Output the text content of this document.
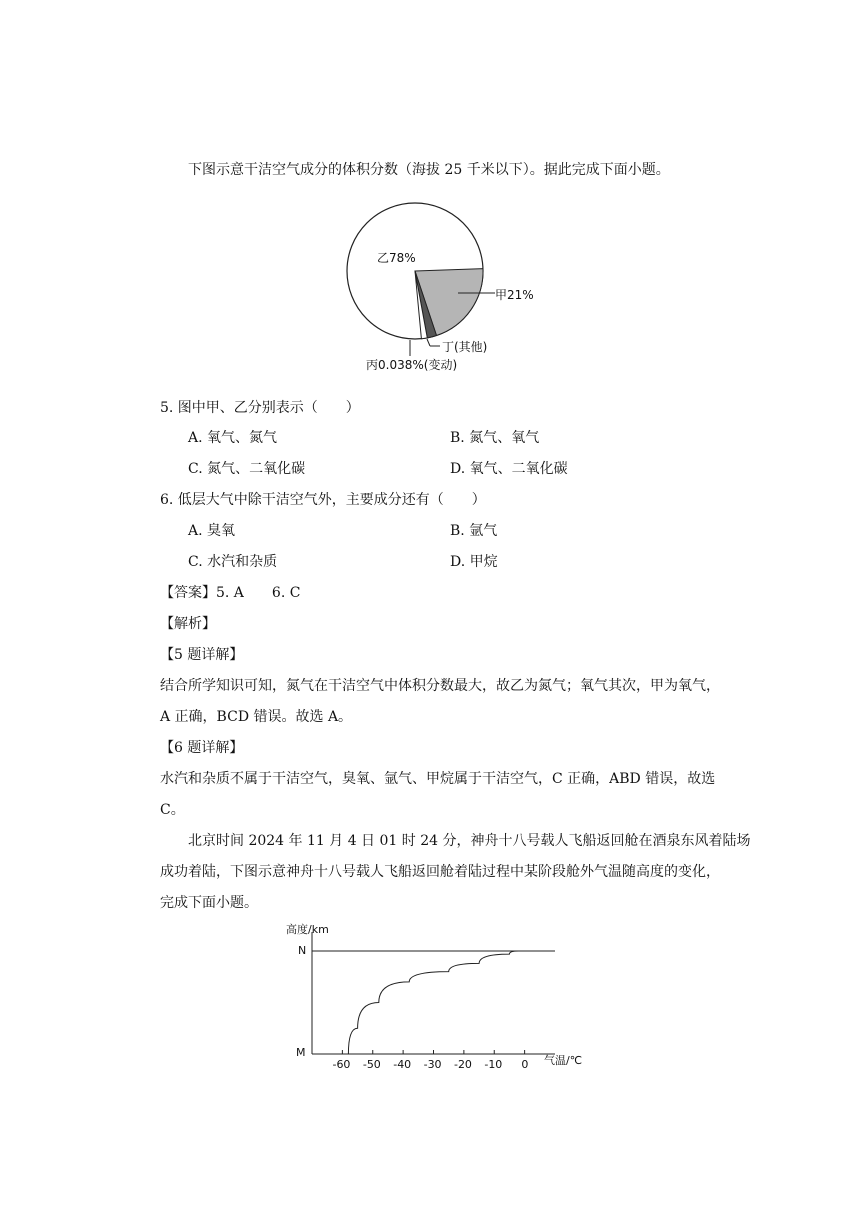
下图示意干洁空气成分的体积分数（海拔 25 千米以下）。据此完成下面小题。
乙78%
甲21%
丁(其他)
丙0.038%(变动)
5. 图中甲、乙分别表示（　　）
A. 氧气、氮气	B. 氮气、氧气
C. 氮气、二氧化碳	D. 氧气、二氧化碳
6. 低层大气中除干洁空气外，主要成分还有（　　）
A. 臭氧	B. 氩气
C. 水汽和杂质	D. 甲烷
【答案】5. A　　6. C
【解析】
【5 题详解】
结合所学知识可知，氮气在干洁空气中体积分数最大，故乙为氮气；氧气其次，甲为氧气，
A 正确，BCD 错误。故选 A。
【6 题详解】
水汽和杂质不属于干洁空气，臭氧、氩气、甲烷属于干洁空气，C 正确，ABD 错误，故选
C。
北京时间 2024 年 11 月 4 日 01 时 24 分，神舟十八号载人飞船返回舱在酒泉东风着陆场
成功着陆，下图示意神舟十八号载人飞船返回舱着陆过程中某阶段舱外气温随高度的变化，
完成下面小题。
高度/km
N
M
气温/℃
-60 -50 -40 -30 -20 -10 0
